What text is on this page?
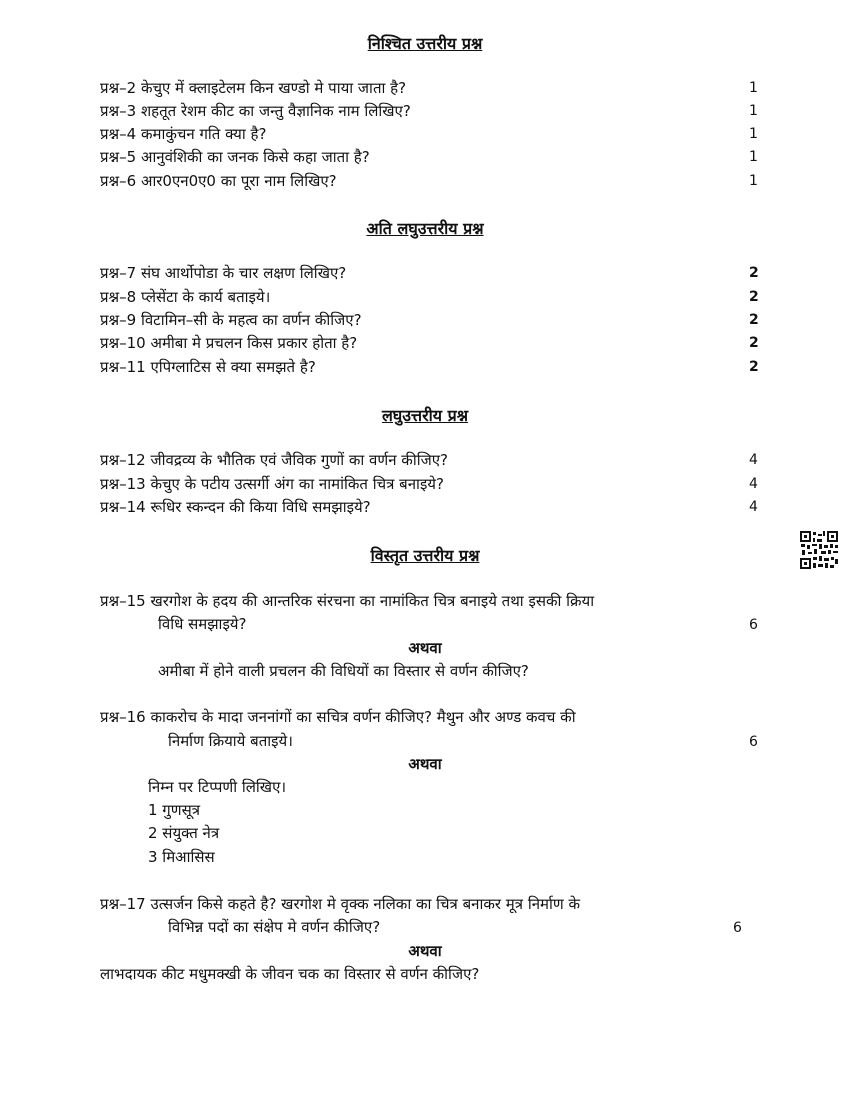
निश्चित उत्तरीय प्रश्न
प्रश्न–2 केचुए में क्लाइटेलम किन खण्डो मे पाया जाता है?	1
प्रश्न–3 शहतूत रेशम कीट का जन्तु वैज्ञानिक नाम लिखिए?	1
प्रश्न–4 कमाकुंचन गति क्या है?	1
प्रश्न–5 आनुवंशिकी का जनक किसे कहा जाता है?	1
प्रश्न–6 आर0एन0ए0 का पूरा नाम लिखिए?	1
अति लघुउत्तरीय प्रश्न
प्रश्न–7 संघ आर्थोपोडा के चार लक्षण लिखिए?	2
प्रश्न–8 प्लेसेंटा के कार्य बताइये।	2
प्रश्न–9 विटामिन–सी के महत्व का वर्णन कीजिए?	2
प्रश्न–10 अमीबा मे प्रचलन किस प्रकार होता है?	2
प्रश्न–11 एपिग्लाटिस से क्या समझते है?	2
लघुउत्तरीय प्रश्न
प्रश्न–12 जीवद्रव्य के भौतिक एवं जैविक गुणों का वर्णन कीजिए?	4
प्रश्न–13 केचुए के पटीय उत्सर्गी अंग का नामांकित चित्र बनाइये?	4
प्रश्न–14 रूधिर स्कन्दन की किया विधि समझाइये?	4
विस्तृत उत्तरीय प्रश्न
प्रश्न–15 खरगोश के हदय की आन्तरिक संरचना का नामांकित चित्र बनाइये तथा इसकी क्रिया
विधि समझाइये?	6
अथवा
अमीबा में होने वाली प्रचलन की विधियों का विस्तार से वर्णन कीजिए?
प्रश्न–16 काकरोच के मादा जननांगों का सचित्र वर्णन कीजिए? मैथुन और अण्ड कवच की
निर्माण क्रियाये बताइये।	6
अथवा
निम्न पर टिप्पणी लिखिए।
1 गुणसूत्र
2 संयुक्त नेत्र
3 मिआसिस
प्रश्न–17 उत्सर्जन किसे कहते है? खरगोश मे वृक्क नलिका का चित्र बनाकर मूत्र निर्माण के
विभिन्न पदों का संक्षेप मे वर्णन कीजिए?	6
अथवा
लाभदायक कीट मधुमक्खी के जीवन चक का विस्तार से वर्णन कीजिए?
